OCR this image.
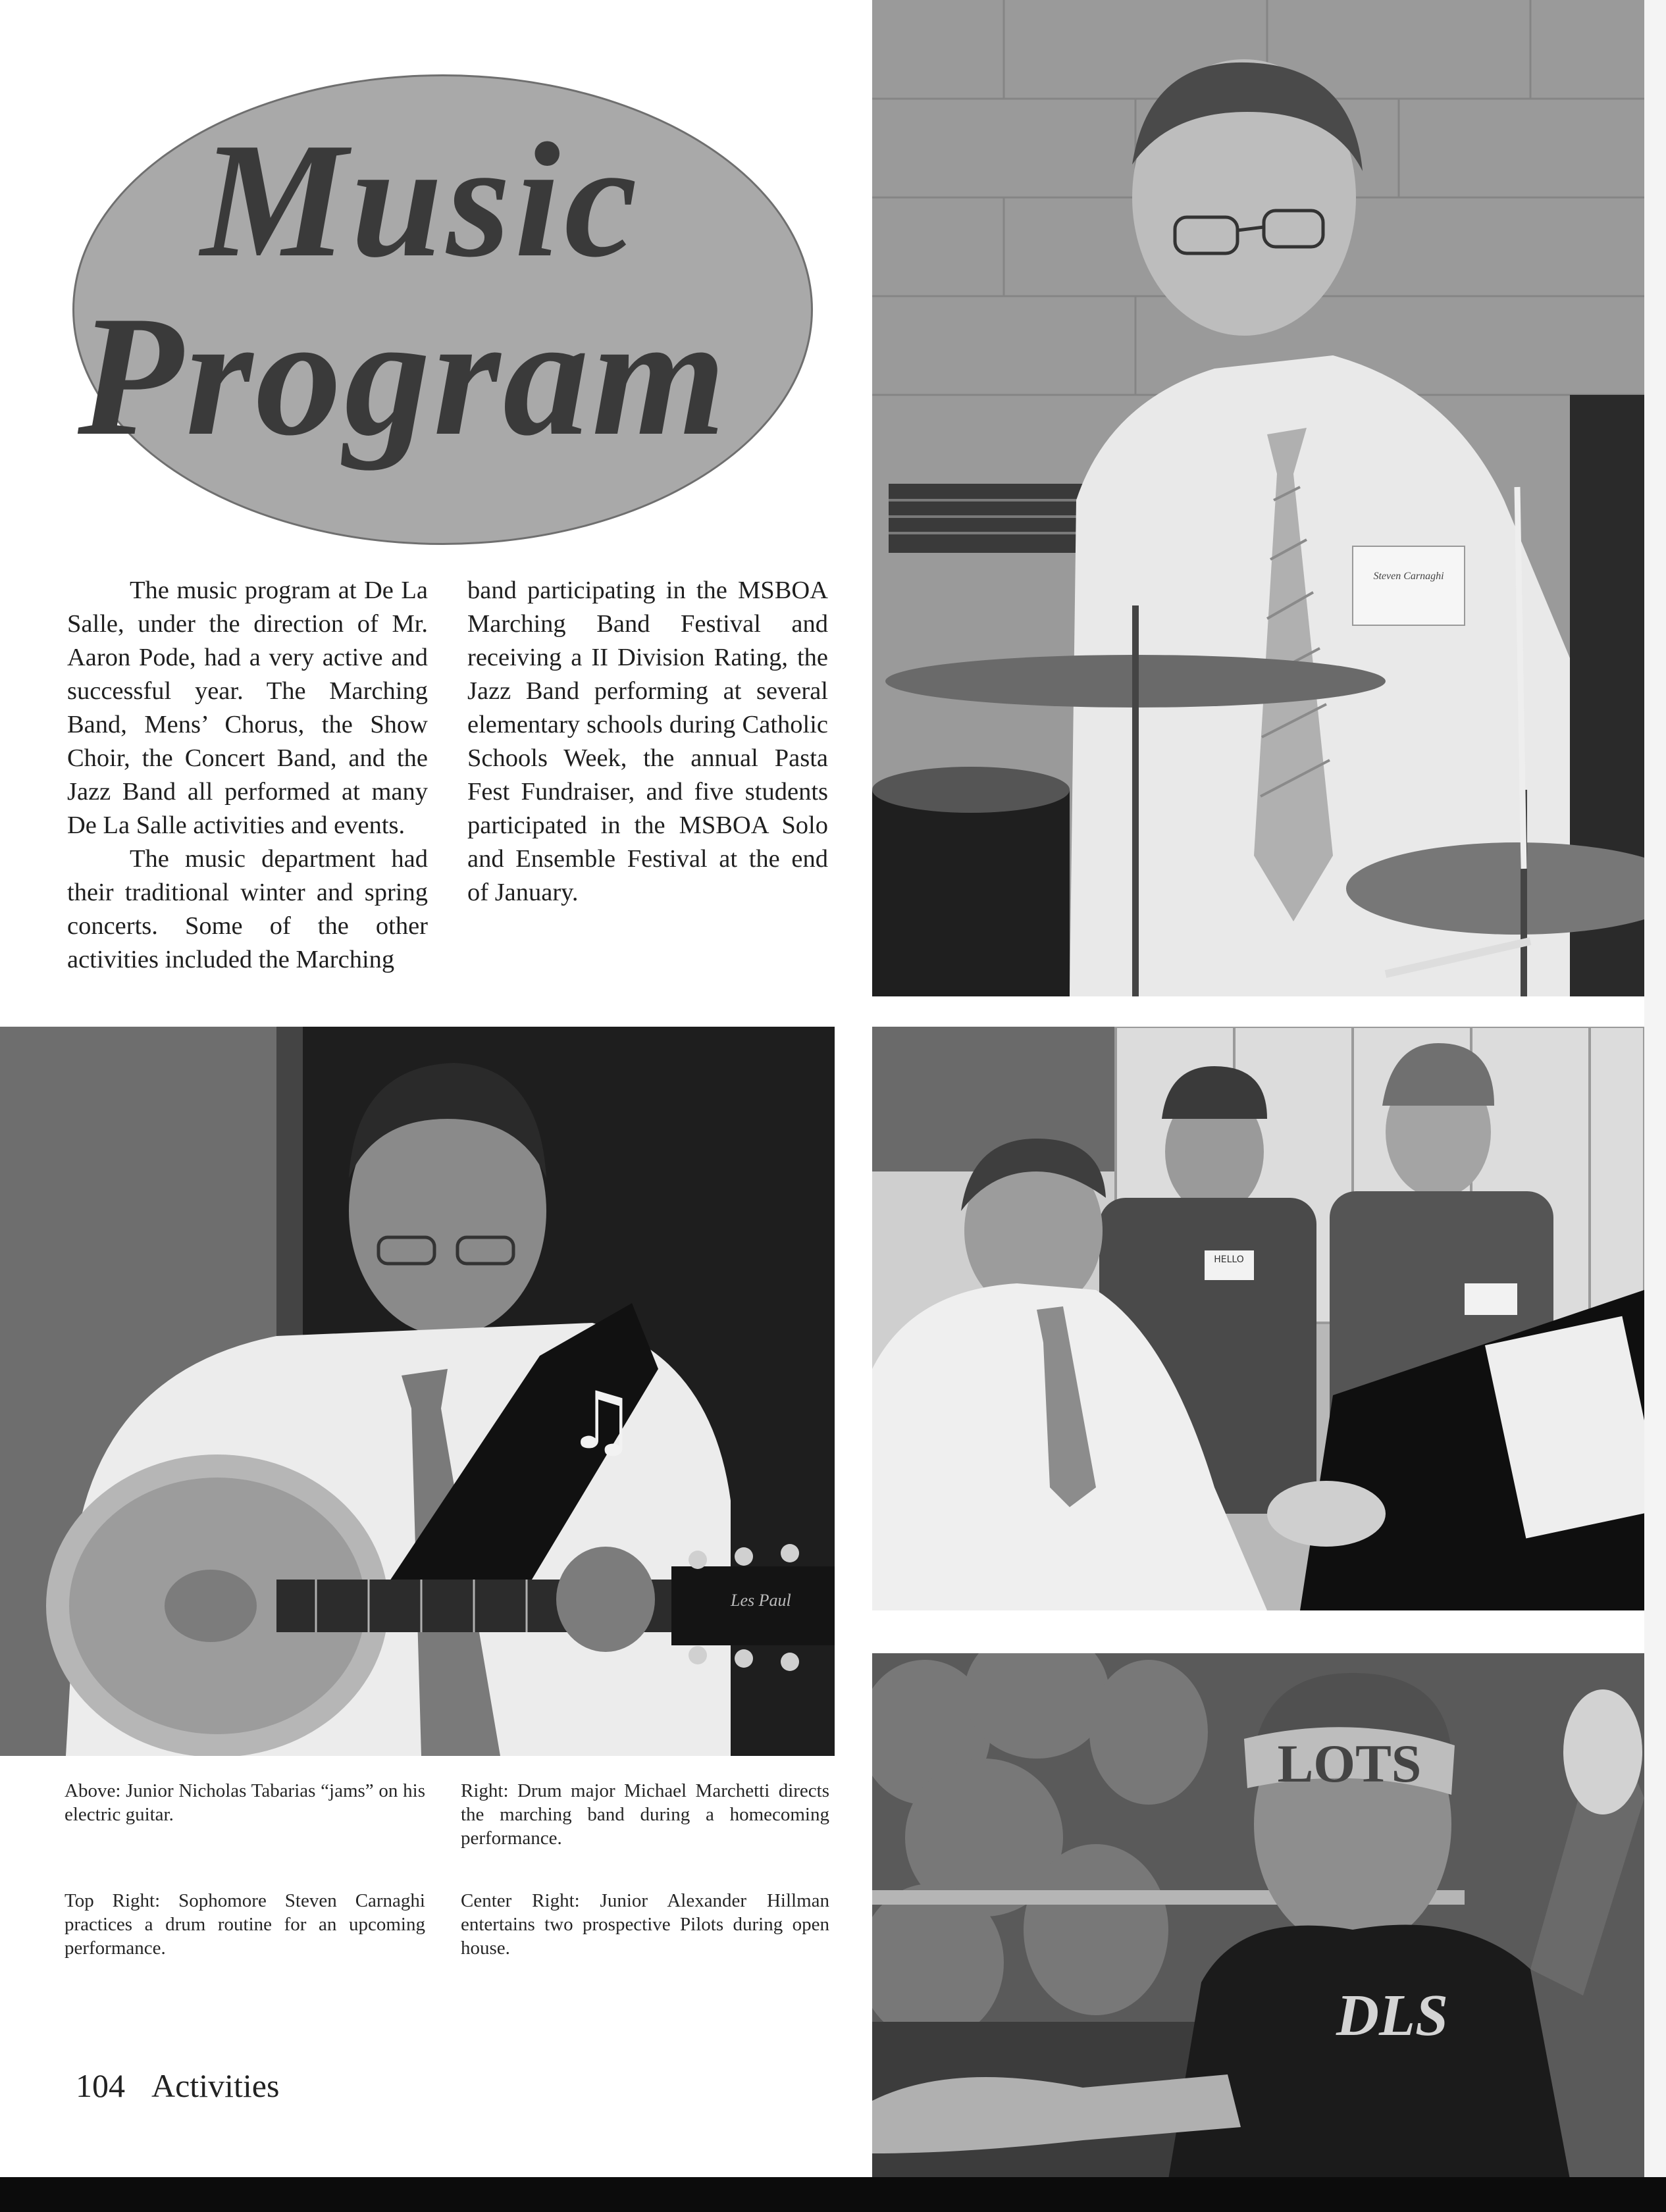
Music
Program

The music program at De La Salle, under the direction of Mr. Aaron Pode, had a very active and successful year. The Marching Band, Mens’ Chorus, the Show Choir, the Concert Band, and the Jazz Band all performed at many De La Salle activities and events.

The music department had their traditional winter and spring concerts. Some of the other activities included the Marching

band participating in the MSBOA Marching Band Festival and receiving a II Division Rating, the Jazz Band performing at several elementary schools during Catholic Schools Week, the annual Pasta Fest Fundraiser, and five students participated in the MSBOA Solo and Ensemble Festival at the end of January.

Steven Carnaghi
♫
Les Paul
HELLO
LOTS
DLS
Above: Junior Nicholas Tabarias “jams” on his electric guitar.
Top Right: Sophomore Steven Carnaghi practices a drum routine for an upcoming performance.
Right: Drum major Michael Marchetti directs the marching band during a homecoming performance.
Center Right: Junior Alexander Hillman entertains two prospective Pilots during open house.
104 Activities
